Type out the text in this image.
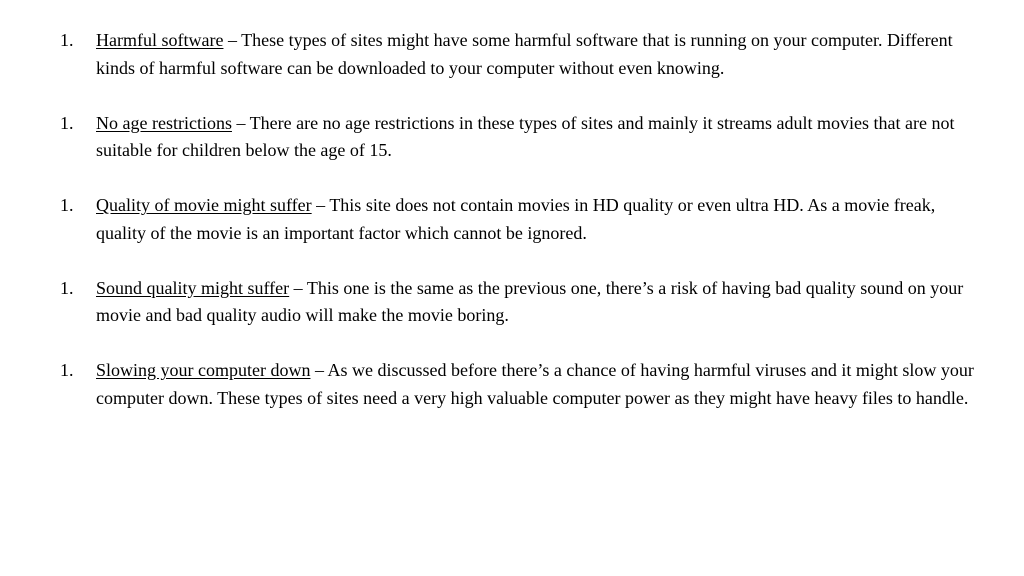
1. Harmful software – These types of sites might have some harmful software that is running on your computer. Different kinds of harmful software can be downloaded to your computer without even knowing.
1. No age restrictions – There are no age restrictions in these types of sites and mainly it streams adult movies that are not suitable for children below the age of 15.
1. Quality of movie might suffer – This site does not contain movies in HD quality or even ultra HD. As a movie freak, quality of the movie is an important factor which cannot be ignored.
1. Sound quality might suffer – This one is the same as the previous one, there’s a risk of having bad quality sound on your movie and bad quality audio will make the movie boring.
1. Slowing your computer down – As we discussed before there’s a chance of having harmful viruses and it might slow your computer down. These types of sites need a very high valuable computer power as they might have heavy files to handle.
